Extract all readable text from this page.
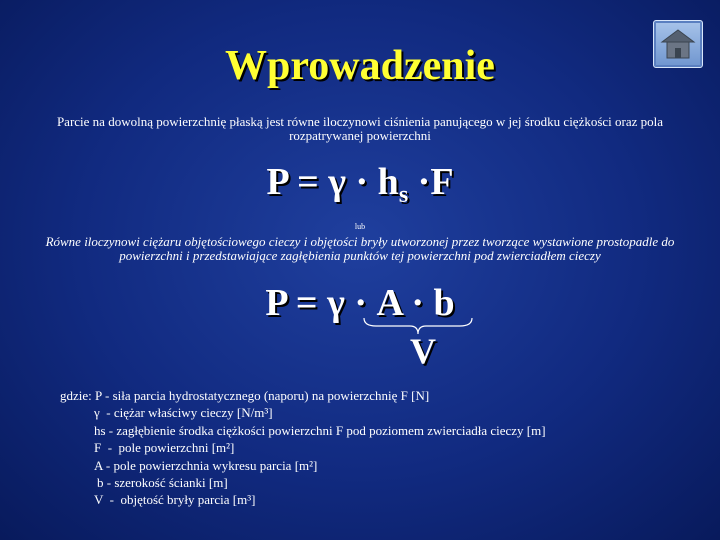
Wprowadzenie
Parcie na dowolną powierzchnię płaską jest równe iloczynowi ciśnienia panującego w jej środku ciężkości oraz pola rozpatrywanej powierzchni
$P = \gamma \cdot h_s \cdot F$
lub
Równe iloczynowi ciężaru objętościowego cieczy i objętości bryły utworzonej przez tworzące wystawione prostopadle do powierzchni i przedstawiające zagłębienia punktów tej powierzchni pod zwierciadłem cieczy
P = γ · A · b
V
gdzie: P - siła parcia hydrostatycznego (naporu) na powierzchnię F [N]
γ  - ciężar właściwy cieczy [N/m³]
hs - zagłębienie środka ciężkości powierzchni F pod poziomem zwierciadła cieczy [m]
F  -  pole powierzchni [m²]
A - pole powierzchnia wykresu parcia [m²]
b - szerokość ścianki [m]
V  -  objętość bryły parcia [m³]
